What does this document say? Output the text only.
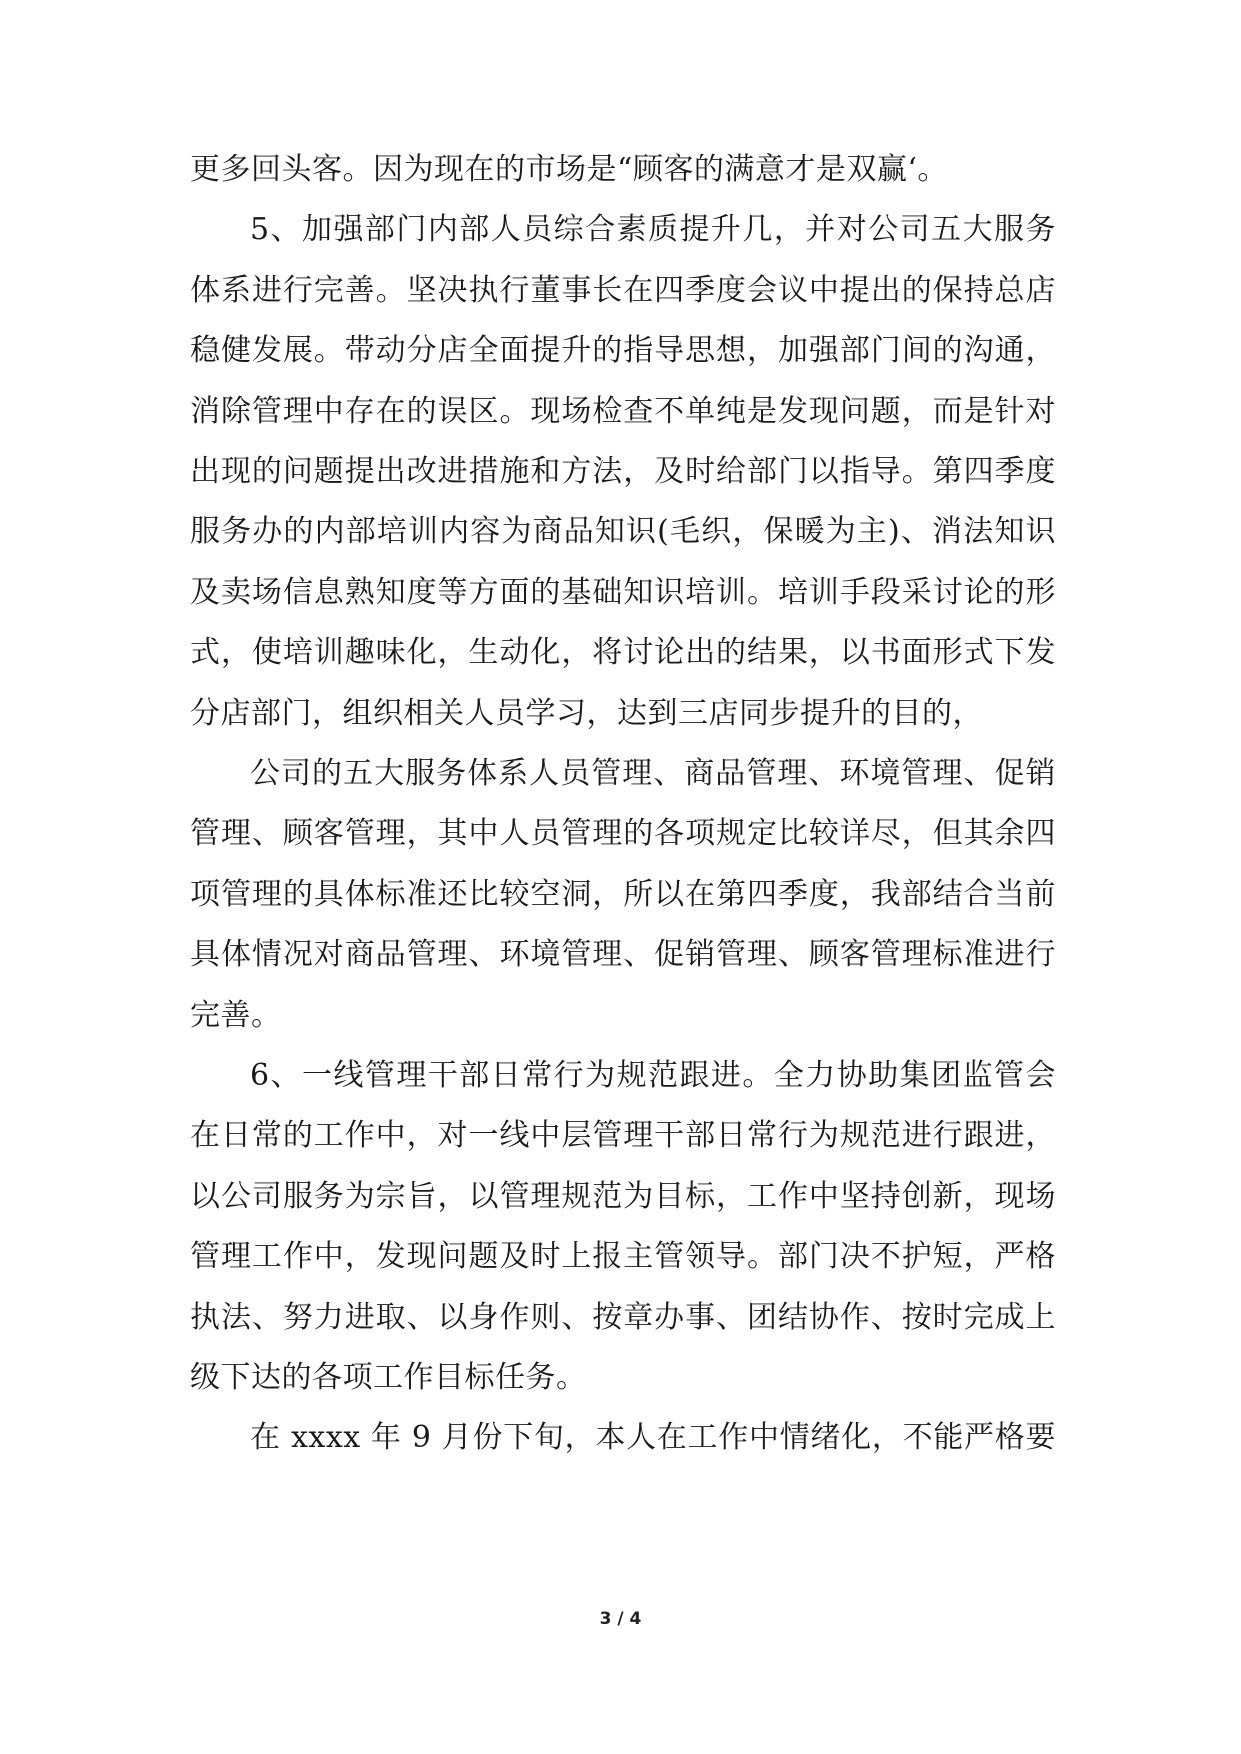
更多回头客。因为现在的市场是“顾客的满意才是双赢‘。
5、加强部门内部人员综合素质提升几，并对公司五大服务
体系进行完善。坚决执行董事长在四季度会议中提出的保持总店
稳健发展。带动分店全面提升的指导思想，加强部门间的沟通，
消除管理中存在的误区。现场检查不单纯是发现问题，而是针对
出现的问题提出改进措施和方法，及时给部门以指导。第四季度
服务办的内部培训内容为商品知识(毛织，保暖为主)、消法知识
及卖场信息熟知度等方面的基础知识培训。培训手段采讨论的形
式，使培训趣味化，生动化，将讨论出的结果，以书面形式下发
分店部门，组织相关人员学习，达到三店同步提升的目的，
公司的五大服务体系人员管理、商品管理、环境管理、促销
管理、顾客管理，其中人员管理的各项规定比较详尽，但其余四
项管理的具体标准还比较空洞，所以在第四季度，我部结合当前
具体情况对商品管理、环境管理、促销管理、顾客管理标准进行
完善。
6、一线管理干部日常行为规范跟进。全力协助集团监管会
在日常的工作中，对一线中层管理干部日常行为规范进行跟进，
以公司服务为宗旨，以管理规范为目标，工作中坚持创新，现场
管理工作中，发现问题及时上报主管领导。部门决不护短，严格
执法、努力进取、以身作则、按章办事、团结协作、按时完成上
级下达的各项工作目标任务。
在 xxxx 年 9 月份下旬，本人在工作中情绪化，不能严格要
3 / 4
